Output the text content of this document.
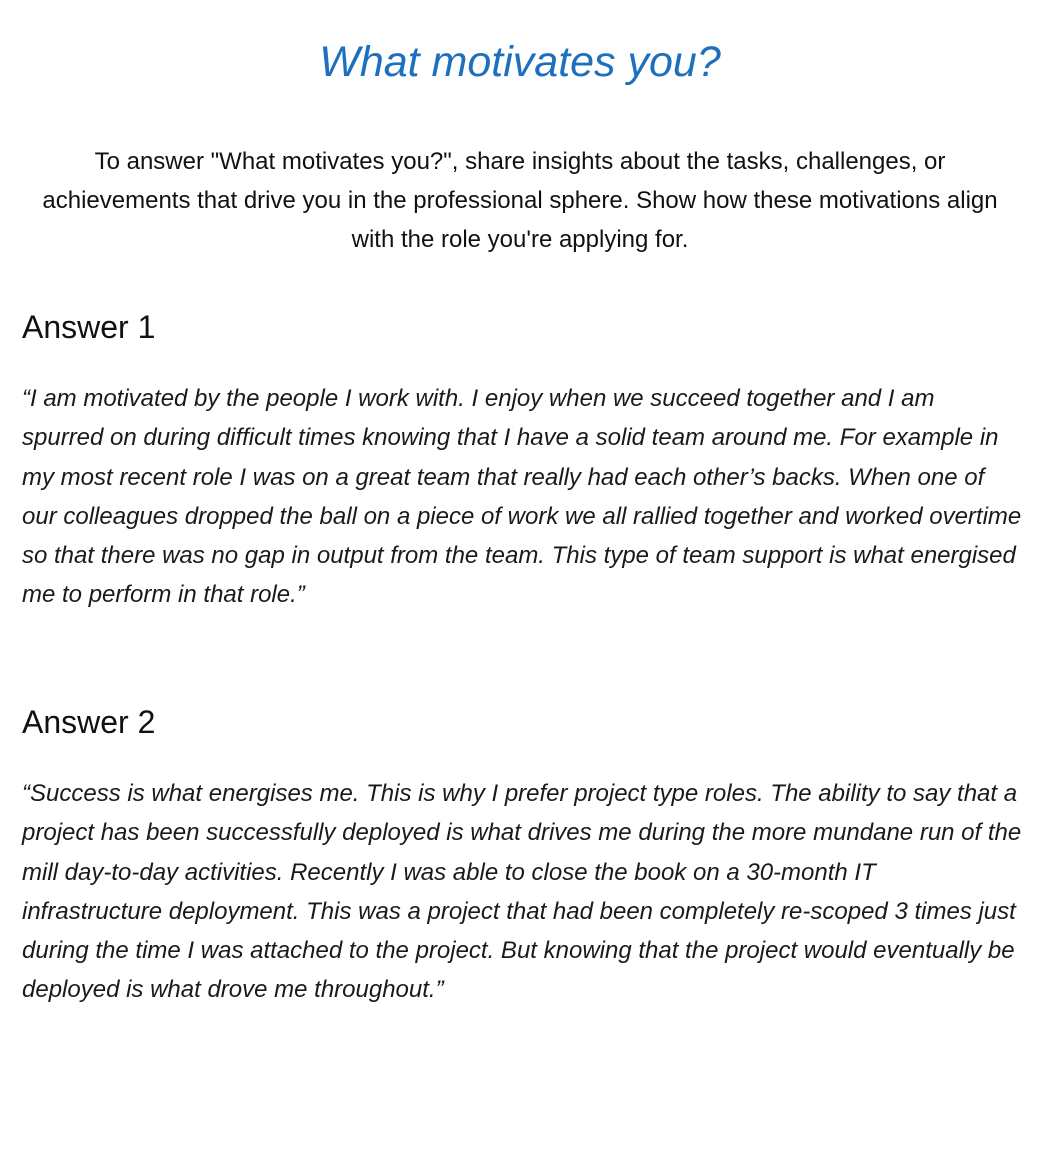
What motivates you?

To answer "What motivates you?", share insights about the tasks, challenges, or achievements that drive you in the professional sphere. Show how these motivations align with the role you're applying for.

Answer 1

“I am motivated by the people I work with. I enjoy when we succeed together and I am spurred on during difficult times knowing that I have a solid team around me. For example in my most recent role I was on a great team that really had each other’s backs. When one of our colleagues dropped the ball on a piece of work we all rallied together and worked overtime so that there was no gap in output from the team. This type of team support is what energised me to perform in that role.”

Answer 2

“Success is what energises me. This is why I prefer project type roles. The ability to say that a project has been successfully deployed is what drives me during the more mundane run of the mill day-to-day activities. Recently I was able to close the book on a 30-month IT infrastructure deployment. This was a project that had been completely re-scoped 3 times just during the time I was attached to the project. But knowing that the project would eventually be deployed is what drove me throughout.”
